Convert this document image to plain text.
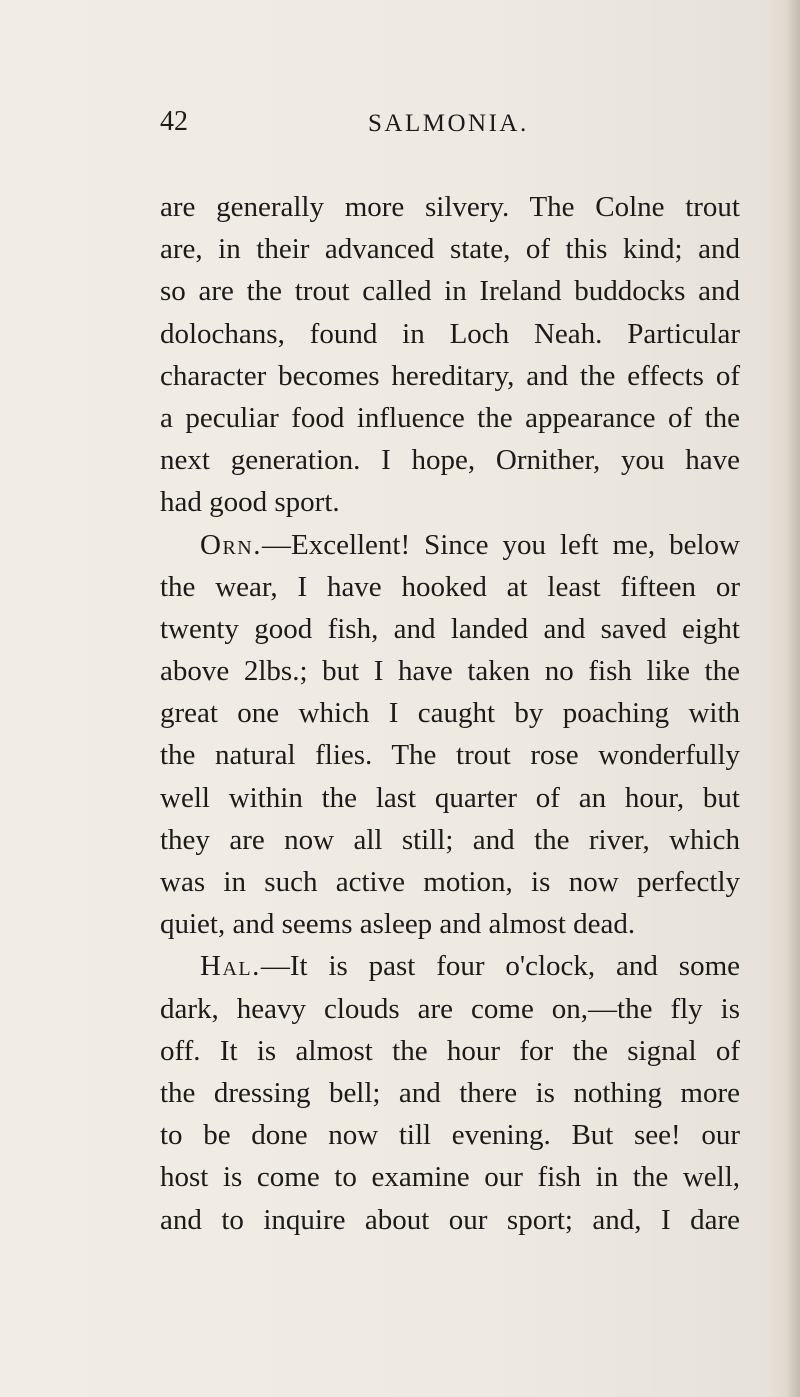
42	SALMONIA.
are generally more silvery. The Colne trout
are, in their advanced state, of this kind; and
so are the trout called in Ireland buddocks and
dolochans, found in Loch Neah. Particular
character becomes hereditary, and the effects of
a peculiar food influence the appearance of the
next generation. I hope, Ornither, you have
had good sport.
Orn.—Excellent! Since you left me, below
the wear, I have hooked at least fifteen or
twenty good fish, and landed and saved eight
above 2lbs.; but I have taken no fish like the
great one which I caught by poaching with
the natural flies. The trout rose wonderfully
well within the last quarter of an hour, but
they are now all still; and the river, which
was in such active motion, is now perfectly
quiet, and seems asleep and almost dead.
Hal.—It is past four o'clock, and some
dark, heavy clouds are come on,—the fly is
off. It is almost the hour for the signal of
the dressing bell; and there is nothing more
to be done now till evening. But see! our
host is come to examine our fish in the well,
and to inquire about our sport; and, I dare
